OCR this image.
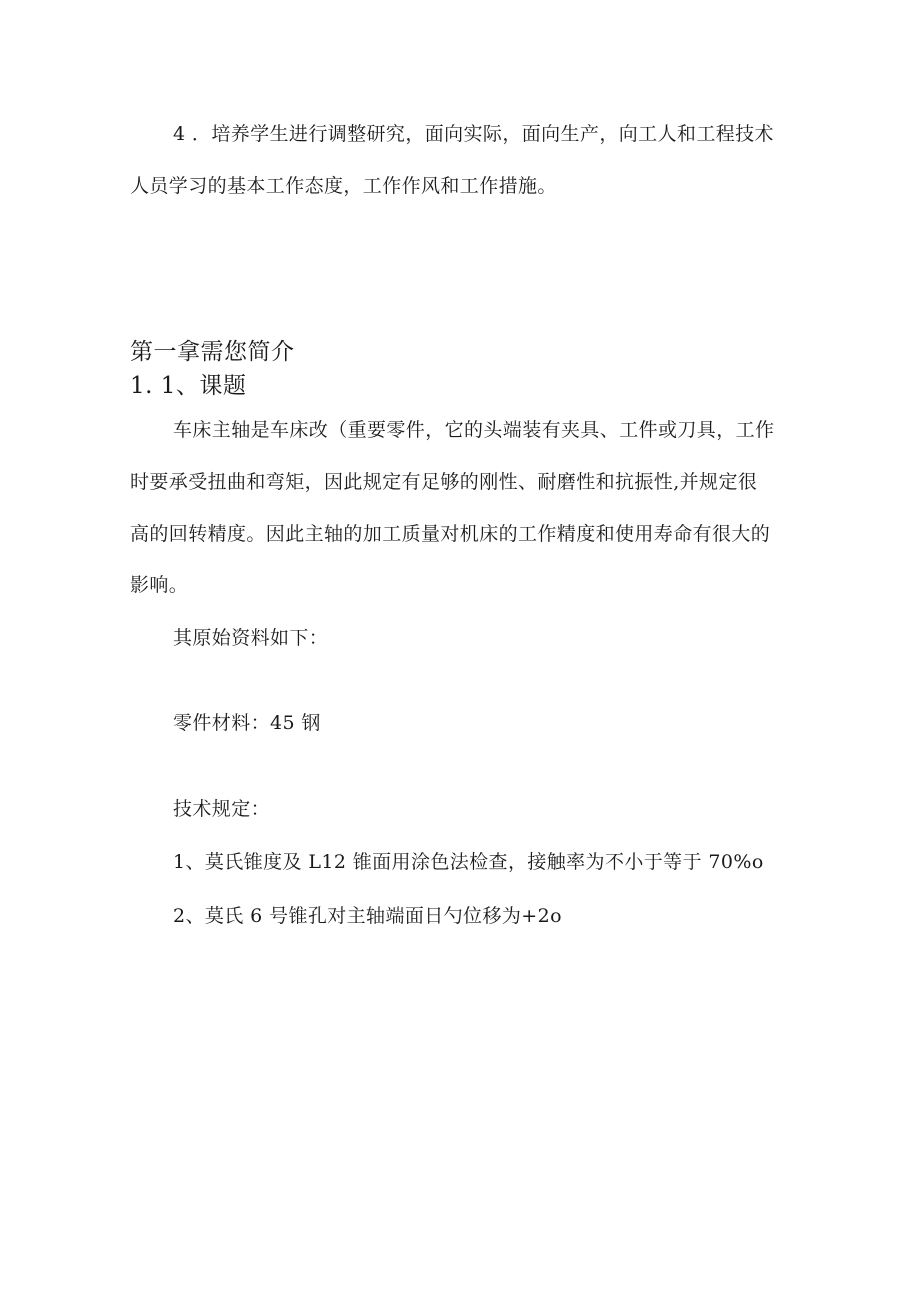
4 ．培养学生进行调整研究，面向实际，面向生产，向工人和工程技术
人员学习的基本工作态度，工作作风和工作措施。
第一拿需您简介
1. 1、课题
车床主轴是车床改（重要零件，它的头端装有夹具、工件或刀具，工作
时要承受扭曲和弯矩，因此规定有足够的刚性、耐磨性和抗振性,并规定很
高的回转精度。因此主轴的加工质量对机床的工作精度和使用寿命有很大的
影响。
其原始资料如下：
零件材料：45 钢
技术规定：
1、莫氏锥度及 L12 锥面用涂色法检查，接触率为不小于等于 70%o
2、莫氏 6 号锥孔对主轴端面日勺位移为+2o
